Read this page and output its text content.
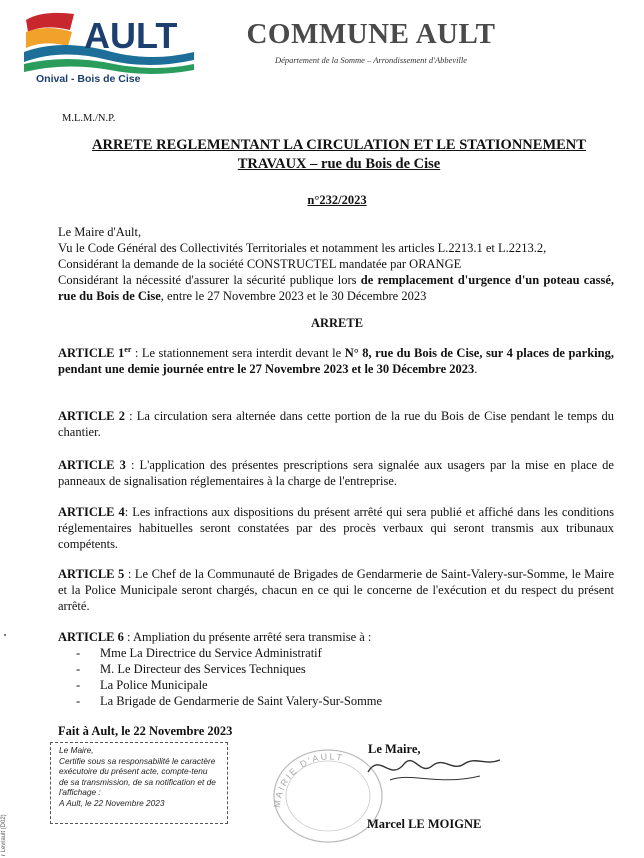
AULT
Onival - Bois de Cise
COMMUNE AULT
Département de la Somme – Arrondissement d'Abbeville
M.L.M./N.P.
ARRETE REGLEMENTANT LA CIRCULATION ET LE STATIONNEMENT
TRAVAUX – rue du Bois de Cise
n°232/2023
Le Maire d'Ault,
Vu le Code Général des Collectivités Territoriales et notamment les articles L.2213.1 et L.2213.2,
Considérant la demande de la société CONSTRUCTEL mandatée par ORANGE
Considérant la nécessité d'assurer la sécurité publique lors de remplacement d'urgence d'un poteau cassé, rue du Bois de Cise, entre le 27 Novembre 2023 et le 30 Décembre 2023
ARRETE
ARTICLE 1er : Le stationnement sera interdit devant le N° 8, rue du Bois de Cise, sur 4 places de parking, pendant une demie journée entre le 27 Novembre 2023 et le 30 Décembre 2023.
ARTICLE 2 : La circulation sera alternée dans cette portion de la rue du Bois de Cise pendant le temps du chantier.
ARTICLE 3 : L'application des présentes prescriptions sera signalée aux usagers par la mise en place de panneaux de signalisation réglementaires à la charge de l'entreprise.
ARTICLE 4: Les infractions aux dispositions du présent arrêté qui sera publié et affiché dans les conditions réglementaires habituelles seront constatées par des procès verbaux qui seront transmis aux tribunaux compétents.
ARTICLE 5 : Le Chef de la Communauté de Brigades de Gendarmerie de Saint-Valery-sur-Somme, le Maire et la Police Municipale seront chargés, chacun en ce qui le concerne de l'exécution et du respect du présent arrêté.
ARTICLE 6 : Ampliation du présente arrêté sera transmise à :
- Mme La Directrice du Service Administratif
- M. Le Directeur des Services Techniques
- La Police Municipale
- La Brigade de Gendarmerie de Saint Valery-Sur-Somme
Fait à Ault, le 22 Novembre 2023
Le Maire,
Certifie sous sa responsabilité le caractère exécutoire du présent acte, compte-tenu de sa transmission, de sa notification et de l'affichage :
A Ault, le 22 Novembre 2023	MAIRIE D'AULT
Le Maire,
Marcel LE MOIGNE
r Levrault (D02)
